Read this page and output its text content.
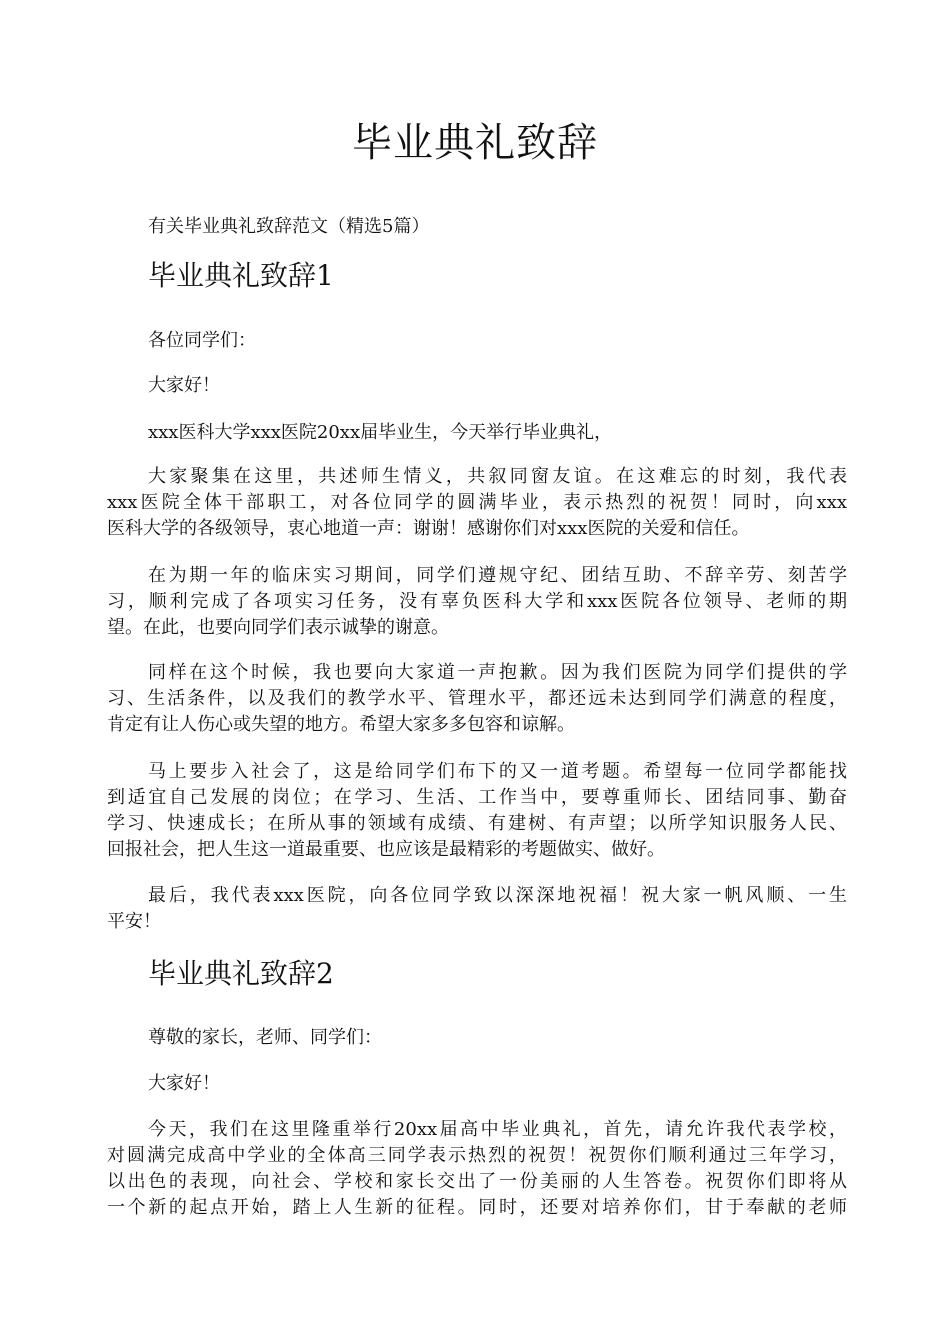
毕业典礼致辞

有关毕业典礼致辞范文（精选5篇）

毕业典礼致辞1

各位同学们：

大家好！

xxx医科大学xxx医院20xx届毕业生，今天举行毕业典礼，

大家聚集在这里，共述师生情义，共叙同窗友谊。在这难忘的时刻，我代表

xxx医院全体干部职工，对各位同学的圆满毕业，表示热烈的祝贺！同时，向xxx

医科大学的各级领导，衷心地道一声：谢谢！感谢你们对xxx医院的关爱和信任。

在为期一年的临床实习期间，同学们遵规守纪、团结互助、不辞辛劳、刻苦学

习，顺利完成了各项实习任务，没有辜负医科大学和xxx医院各位领导、老师的期

望。在此，也要向同学们表示诚挚的谢意。

同样在这个时候，我也要向大家道一声抱歉。因为我们医院为同学们提供的学

习、生活条件，以及我们的教学水平、管理水平，都还远未达到同学们满意的程度，

肯定有让人伤心或失望的地方。希望大家多多包容和谅解。

马上要步入社会了，这是给同学们布下的又一道考题。希望每一位同学都能找

到适宜自己发展的岗位；在学习、生活、工作当中，要尊重师长、团结同事、勤奋

学习、快速成长；在所从事的领域有成绩、有建树、有声望；以所学知识服务人民、

回报社会，把人生这一道最重要、也应该是最精彩的考题做实、做好。

最后，我代表xxx医院，向各位同学致以深深地祝福！祝大家一帆风顺、一生

平安！

毕业典礼致辞2

尊敬的家长，老师、同学们：

大家好！

今天，我们在这里隆重举行20xx届高中毕业典礼，首先，请允许我代表学校，

对圆满完成高中学业的全体高三同学表示热烈的祝贺！祝贺你们顺利通过三年学习，

以出色的表现，向社会、学校和家长交出了一份美丽的人生答卷。祝贺你们即将从

一个新的起点开始，踏上人生新的征程。同时，还要对培养你们，甘于奉献的老师
